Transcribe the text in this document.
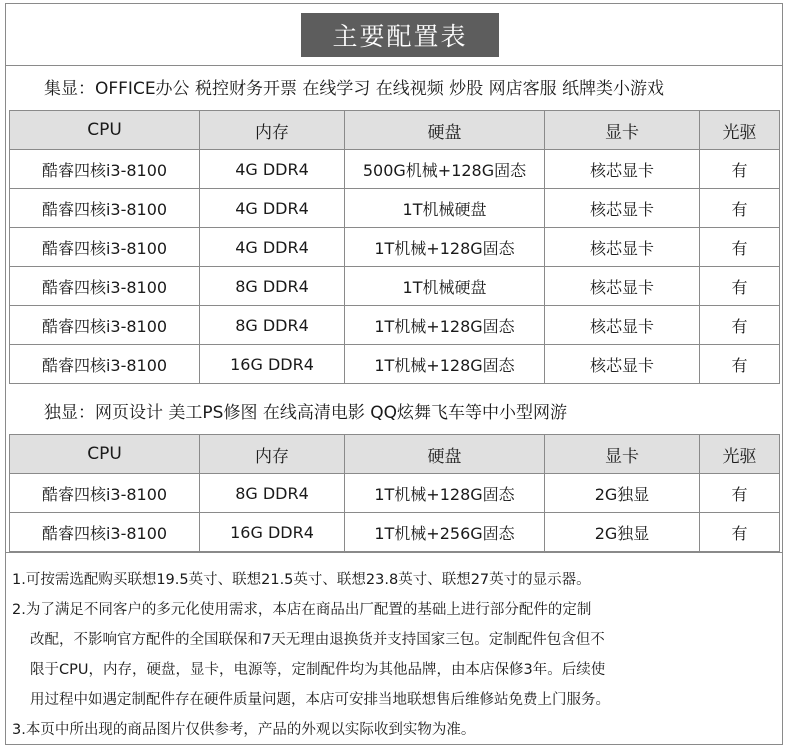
主要配置表
集显：OFFICE办公 税控财务开票 在线学习 在线视频 炒股 网店客服 纸牌类小游戏
CPU	内存	硬盘	显卡	光驱
酷睿四核i3-8100	4G DDR4	500G机械+128G固态	核芯显卡	有
酷睿四核i3-8100	4G DDR4	1T机械硬盘	核芯显卡	有
酷睿四核i3-8100	4G DDR4	1T机械+128G固态	核芯显卡	有
酷睿四核i3-8100	8G DDR4	1T机械硬盘	核芯显卡	有
酷睿四核i3-8100	8G DDR4	1T机械+128G固态	核芯显卡	有
酷睿四核i3-8100	16G DDR4	1T机械+128G固态	核芯显卡	有
独显：网页设计 美工PS修图 在线高清电影 QQ炫舞飞车等中小型网游
CPU	内存	硬盘	显卡	光驱
酷睿四核i3-8100	8G DDR4	1T机械+128G固态	2G独显	有
酷睿四核i3-8100	16G DDR4	1T机械+256G固态	2G独显	有

1.可按需选配购买联想19.5英寸、联想21.5英寸、联想23.8英寸、联想27英寸的显示器。

2.为了满足不同客户的多元化使用需求，本店在商品出厂配置的基础上进行部分配件的定制

改配，不影响官方配件的全国联保和7天无理由退换货并支持国家三包。定制配件包含但不

限于CPU，内存，硬盘，显卡，电源等，定制配件均为其他品牌，由本店保修3年。后续使

用过程中如遇定制配件存在硬件质量问题，本店可安排当地联想售后维修站免费上门服务。

3.本页中所出现的商品图片仅供参考，产品的外观以实际收到实物为准。
